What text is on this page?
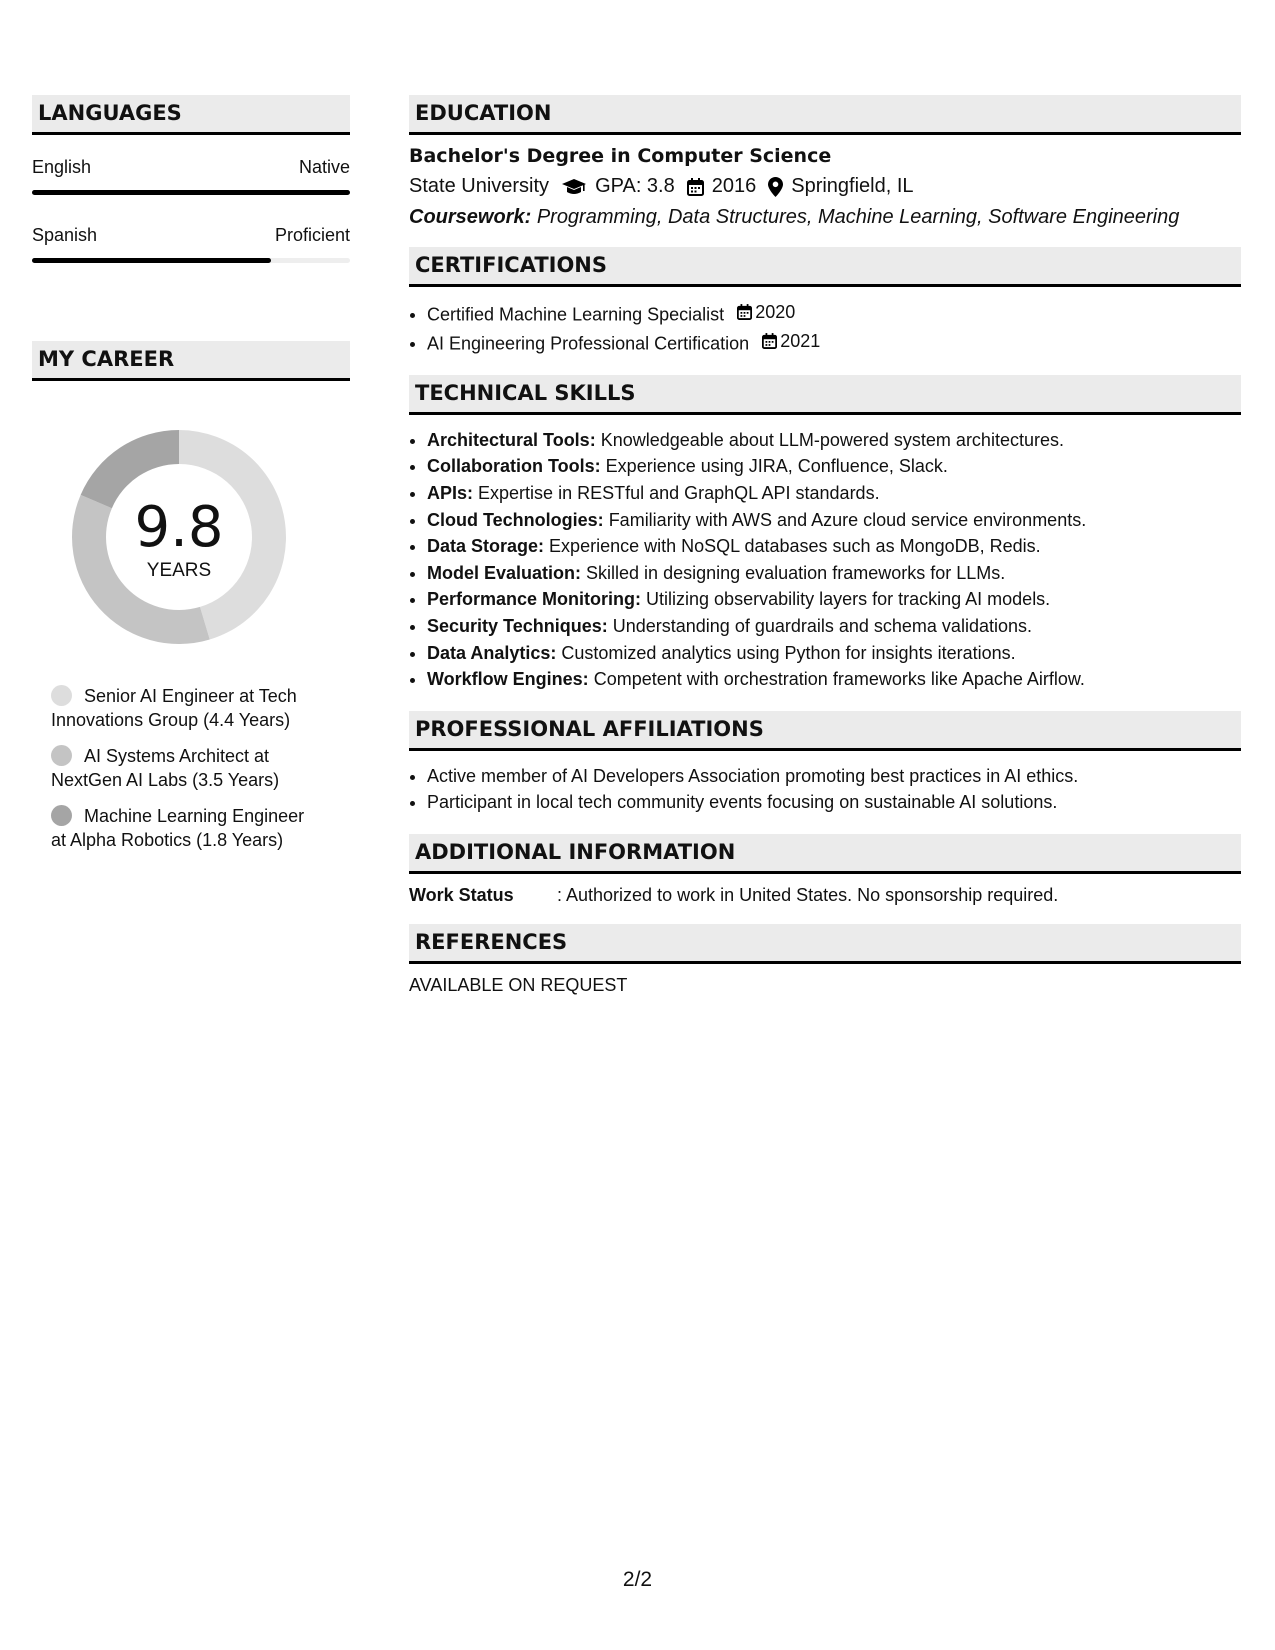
LANGUAGES
English	Native
Spanish	Proficient
MY CAREER
9.8
YEARS
Senior AI Engineer at Tech Innovations Group (4.4 Years)
AI Systems Architect at NextGen AI Labs (3.5 Years)
Machine Learning Engineer at Alpha Robotics (1.8 Years)
EDUCATION
Bachelor's Degree in Computer Science
State University GPA: 3.8 2016 Springfield, IL
Coursework: Programming, Data Structures, Machine Learning, Software Engineering
CERTIFICATIONS
• Certified Machine Learning Specialist 2020
• AI Engineering Professional Certification 2021
TECHNICAL SKILLS
• Architectural Tools: Knowledgeable about LLM-powered system architectures.
• Collaboration Tools: Experience using JIRA, Confluence, Slack.
• APIs: Expertise in RESTful and GraphQL API standards.
• Cloud Technologies: Familiarity with AWS and Azure cloud service environments.
• Data Storage: Experience with NoSQL databases such as MongoDB, Redis.
• Model Evaluation: Skilled in designing evaluation frameworks for LLMs.
• Performance Monitoring: Utilizing observability layers for tracking AI models.
• Security Techniques: Understanding of guardrails and schema validations.
• Data Analytics: Customized analytics using Python for insights iterations.
• Workflow Engines: Competent with orchestration frameworks like Apache Airflow.
PROFESSIONAL AFFILIATIONS
• Active member of AI Developers Association promoting best practices in AI ethics.
• Participant in local tech community events focusing on sustainable AI solutions.
ADDITIONAL INFORMATION
Work Status	: Authorized to work in United States. No sponsorship required.
REFERENCES
AVAILABLE ON REQUEST
2/2
